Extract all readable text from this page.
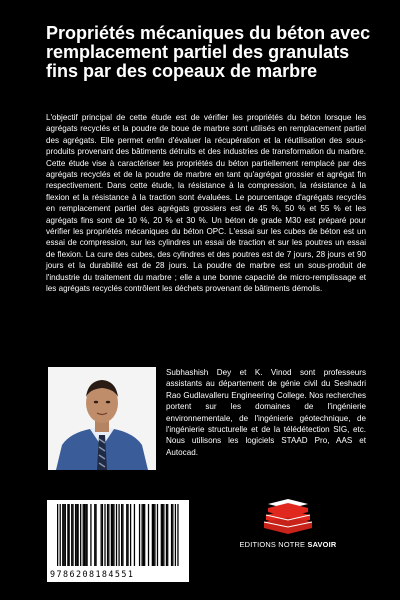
Propriétés mécaniques du béton avec remplacement partiel des granulats fins par des copeaux de marbre

L'objectif principal de cette étude est de vérifier les propriétés du béton lorsque les agrégats recyclés et la poudre de boue de marbre sont utilisés en remplacement partiel des agrégats. Elle permet enfin d'évaluer la récupération et la réutilisation des sous-produits provenant des bâtiments détruits et des industries de transformation du marbre. Cette étude vise à caractériser les propriétés du béton partiellement remplacé par des agrégats recyclés et de la poudre de marbre en tant qu'agrégat grossier et agrégat fin respectivement. Dans cette étude, la résistance à la compression, la résistance à la flexion et la résistance à la traction sont évaluées. Le pourcentage d'agrégats recyclés en remplacement partiel des agrégats grossiers est de 45 %, 50 % et 55 % et les agrégats fins sont de 10 %, 20 % et 30 %. Un béton de grade M30 est préparé pour vérifier les propriétés mécaniques du béton OPC. L'essai sur les cubes de béton est un essai de compression, sur les cylindres un essai de traction et sur les poutres un essai de flexion. La cure des cubes, des cylindres et des poutres est de 7 jours, 28 jours et 90 jours et la durabilité est de 28 jours. La poudre de marbre est un sous-produit de l'industrie du traitement du marbre ; elle a une bonne capacité de micro-remplissage et les agrégats recyclés contrôlent les déchets provenant de bâtiments démolis.

Subhashish Dey et K. Vinod sont professeurs assistants au département de génie civil du Seshadri Rao Gudlavalleru Engineering College. Nos recherches portent sur les domaines de l'ingénierie environnementale, de l'ingénierie géotechnique, de l'ingénierie structurelle et de la télédétection SIG, etc. Nous utilisons les logiciels STAAD Pro, AAS et Autocad.

9786208184551
EDITIONS NOTRE SAVOIR
